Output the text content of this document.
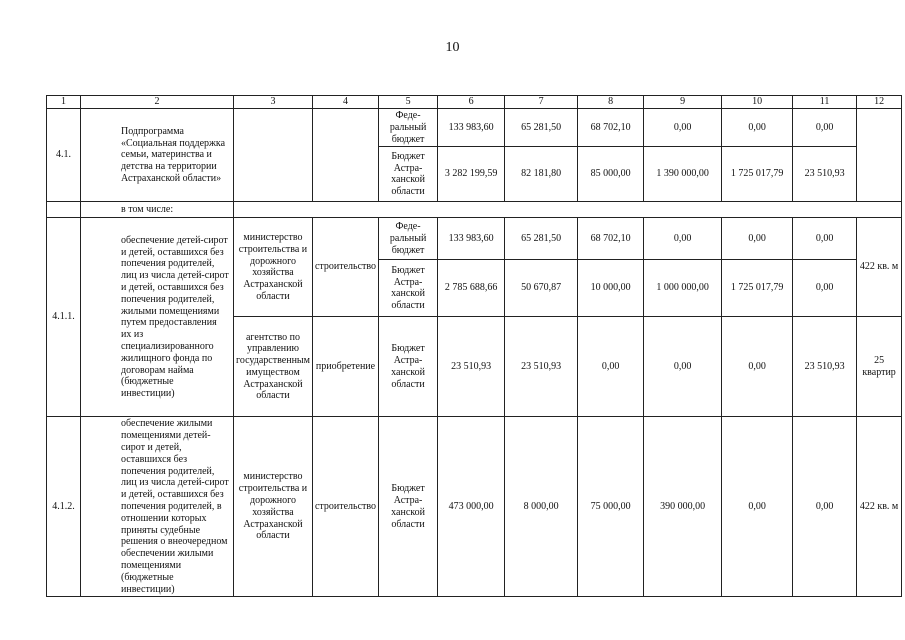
10
1	2	3	4	5	6	7	8	9	10	11	12
4.1.	Подпрограмма «Социальная поддержка семьи, материнства и детства на территории Астраханской области»			Феде-ральный бюджет	133 983,60	65 281,50	68 702,10	0,00	0,00	0,00	
				Бюджет Астра-ханской области	3 282 199,59	82 181,80	85 000,00	1 390 000,00	1 725 017,79	23 510,93	
	в том числе:										
4.1.1.	обеспечение детей-сирот и детей, оставшихся без попечения родителей, лиц из числа детей-сирот и детей, оставшихся без попечения родителей, жилыми помещениями путем предоставления их из специализированного жилищного фонда по договорам найма (бюджетные инвестиции)	министерство строительства и дорожного хозяйства Астраханской области	строительство	Феде-ральный бюджет	133 983,60	65 281,50	68 702,10	0,00	0,00	0,00	422 кв. м
				Бюджет Астра-ханской области	2 785 688,66	50 670,87	10 000,00	1 000 000,00	1 725 017,79	0,00	
		агентство по управлению государственным имуществом Астраханской области	приобретение	Бюджет Астра-ханской области	23 510,93	23 510,93	0,00	0,00	0,00	23 510,93	25 квартир
4.1.2.	обеспечение жилыми помещениями детей-сирот и детей, оставшихся без попечения родителей, лиц из числа детей-сирот и детей, оставшихся без попечения родителей, в отношении которых приняты судебные решения о внеочередном обеспечении жилыми помещениями (бюджетные инвестиции)	министерство строительства и дорожного хозяйства Астраханской области	строительство	Бюджет Астра-ханской области	473 000,00	8 000,00	75 000,00	390 000,00	0,00	0,00	422 кв. м
